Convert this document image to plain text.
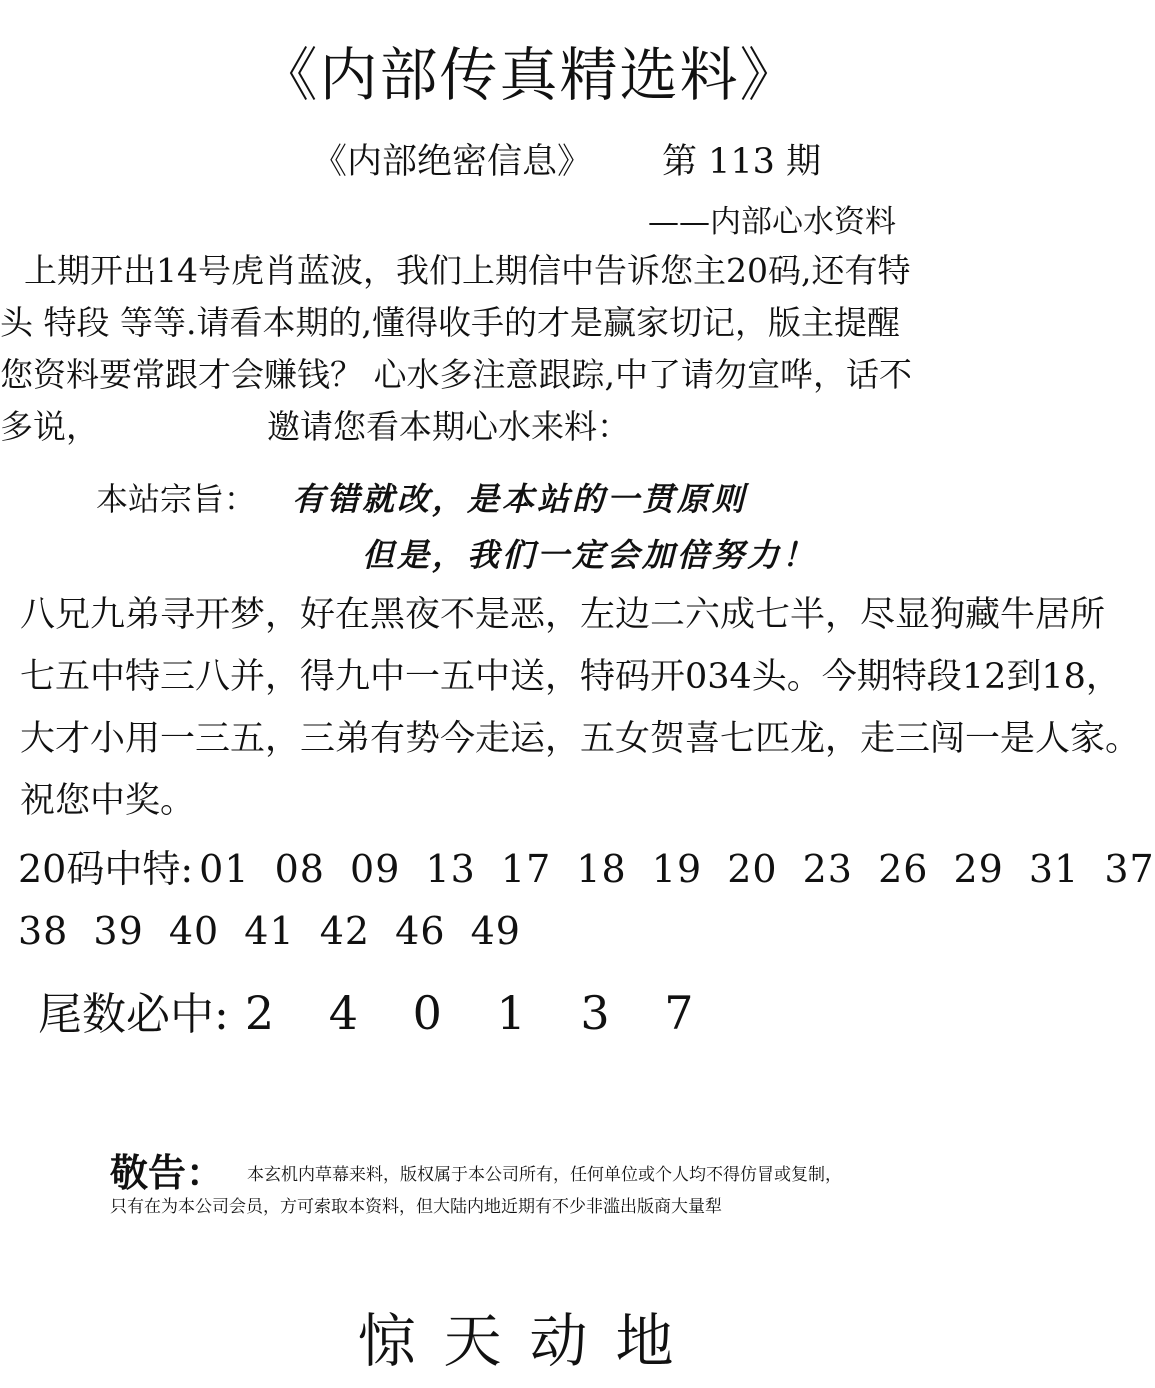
《内部传真精选料》
《内部绝密信息》 第 113 期
——内部心水资料
上期开出14号虎肖蓝波，我们上期信中告诉您主20码,还有特
头 特段 等等.请看本期的,懂得收手的才是赢家切记，版主提醒
您资料要常跟才会赚钱？ 心水多注意跟踪,中了请勿宣哗，话不
多说，	邀请您看本期心水来料：
本站宗旨： 有错就改，是本站的一贯原则
但是，我们一定会加倍努力！
八兄九弟寻开梦，好在黑夜不是恶，左边二六成七半，尽显狗藏牛居所
七五中特三八并，得九中一五中送，特码开034头。今期特段12到18，
大才小用一三五，三弟有势今走运，五女贺喜七匹龙，走三闯一是人家。
祝您中奖。
20码中特: 01 08 09 13 17 18 19 20 23 26 29 31 37
38 39 40 41 42 46 49
尾数必中: 2 4 0 1 3 7
敬告： 本玄机内草幕来料，版权属于本公司所有，任何单位或个人均不得仿冒或复制，
只有在为本公司会员，方可索取本资料，但大陆内地近期有不少非滥出版商大量犁
惊天动地
